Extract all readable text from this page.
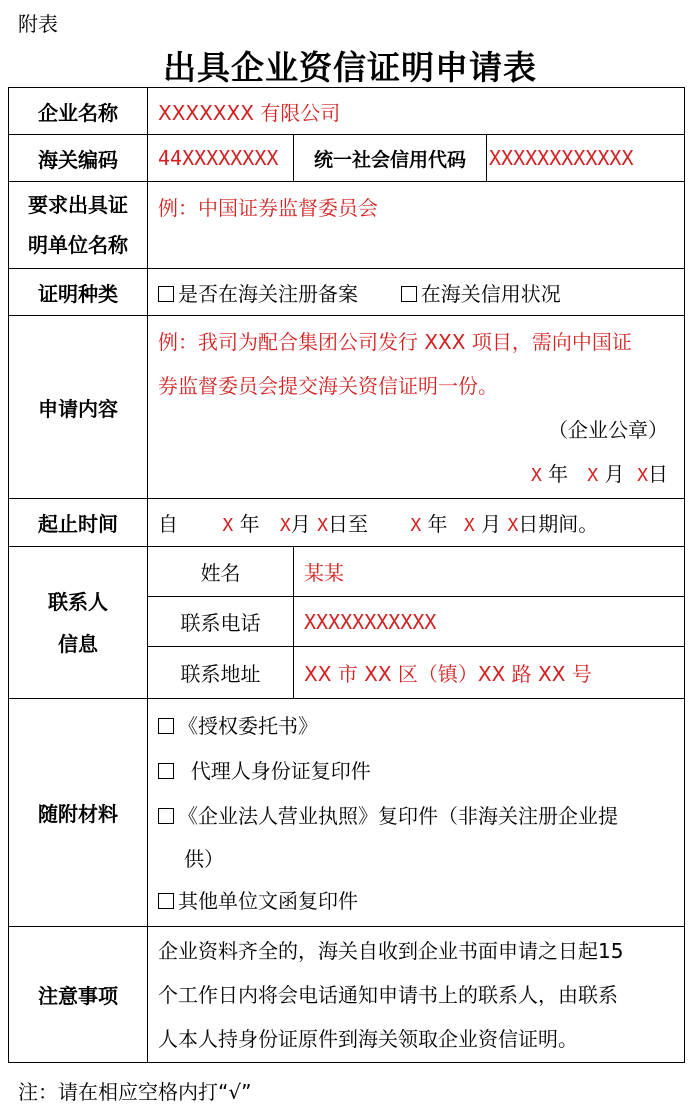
附表
出具企业资信证明申请表
企业名称	XXXXXXX 有限公司		
海关编码	44XXXXXXXX	统一社会信用代码	XXXXXXXXXXXX

要求出具证
明单位名称	例：中国证券监督委员会		
证明种类	是否在海关注册备案 在海关信用状况		
申请内容	例：我司为配合集团公司发行 XXX 项目，需向中国证
券监督委员会提交海关资信证明一份。
（企业公章）
X 年 X 月 X日		

起止时间	自 X 年 X月 X日至 X 年 X 月 X日期间。		

联系人
信息	姓名	某某	
	联系电话	XXXXXXXXXXX	
	联系地址	XX 市 XX 区（镇）XX 路 XX 号	
随附材料	《授权委托书》
代理人身份证复印件
《企业法人营业执照》复印件（非海关注册企业提
供）
其他单位文函复印件		

注意事项	企业资料齐全的，海关自收到企业书面申请之日起15
个工作日内将会电话通知申请书上的联系人，由联系
人本人持身份证原件到海关领取企业资信证明。		
注：请在相应空格内打“√”
